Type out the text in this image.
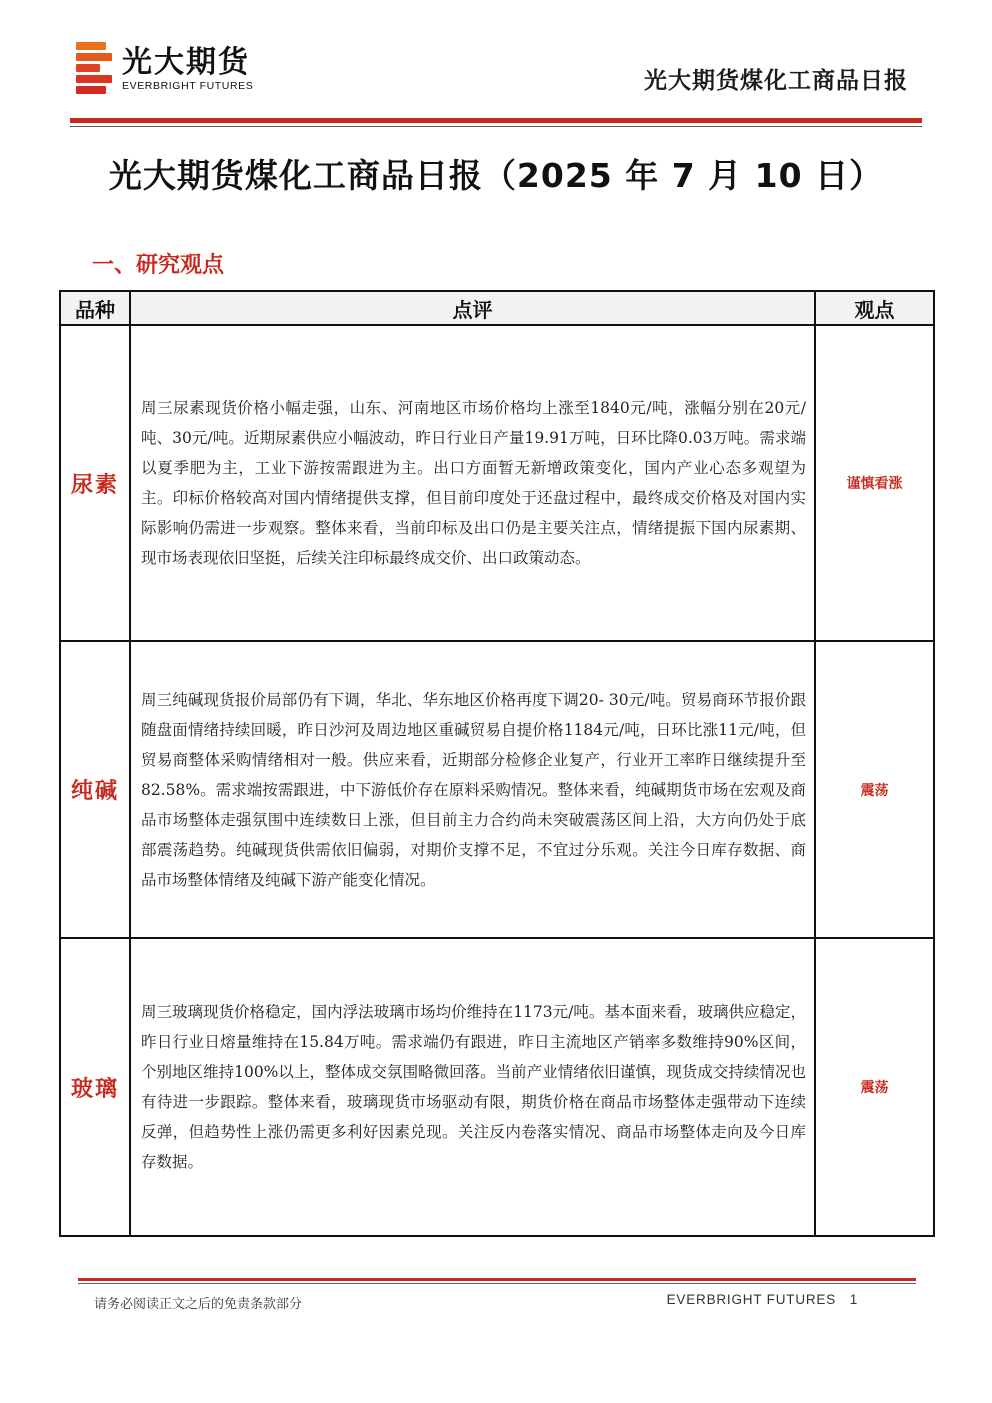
光大期货
EVERBRIGHT FUTURES	光大期货煤化工商品日报
光大期货煤化工商品日报（2025 年 7 月 10 日）
一、研究观点
品种	点评	观点
尿素	周三尿素现货价格小幅走强，山东、河南地区市场价格均上涨至1840元/吨，涨幅分别在20元/吨、30元/吨。近期尿素供应小幅波动，昨日行业日产量19.91万吨，日环比降0.03万吨。需求端以夏季肥为主，工业下游按需跟进为主。出口方面暂无新增政策变化，国内产业心态多观望为主。印标价格较高对国内情绪提供支撑，但目前印度处于还盘过程中，最终成交价格及对国内实际影响仍需进一步观察。整体来看，当前印标及出口仍是主要关注点，情绪提振下国内尿素期、现市场表现依旧坚挺，后续关注印标最终成交价、出口政策动态。	谨慎看涨
纯碱	周三纯碱现货报价局部仍有下调，华北、华东地区价格再度下调20- 30元/吨。贸易商环节报价跟随盘面情绪持续回暖，昨日沙河及周边地区重碱贸易自提价格1184元/吨，日环比涨11元/吨，但贸易商整体采购情绪相对一般。供应来看，近期部分检修企业复产，行业开工率昨日继续提升至82.58%。需求端按需跟进，中下游低价存在原料采购情况。整体来看，纯碱期货市场在宏观及商品市场整体走强氛围中连续数日上涨，但目前主力合约尚未突破震荡区间上沿，大方向仍处于底部震荡趋势。纯碱现货供需依旧偏弱，对期价支撑不足，不宜过分乐观。关注今日库存数据、商品市场整体情绪及纯碱下游产能变化情况。	震荡
玻璃	周三玻璃现货价格稳定，国内浮法玻璃市场均价维持在1173元/吨。基本面来看，玻璃供应稳定，昨日行业日熔量维持在15.84万吨。需求端仍有跟进，昨日主流地区产销率多数维持90%区间，个别地区维持100%以上，整体成交氛围略微回落。当前产业情绪依旧谨慎，现货成交持续情况也有待进一步跟踪。整体来看，玻璃现货市场驱动有限，期货价格在商品市场整体走强带动下连续反弹，但趋势性上涨仍需更多利好因素兑现。关注反内卷落实情况、商品市场整体走向及今日库存数据。	震荡
请务必阅读正文之后的免责条款部分	EVERBRIGHT FUTURES 1
